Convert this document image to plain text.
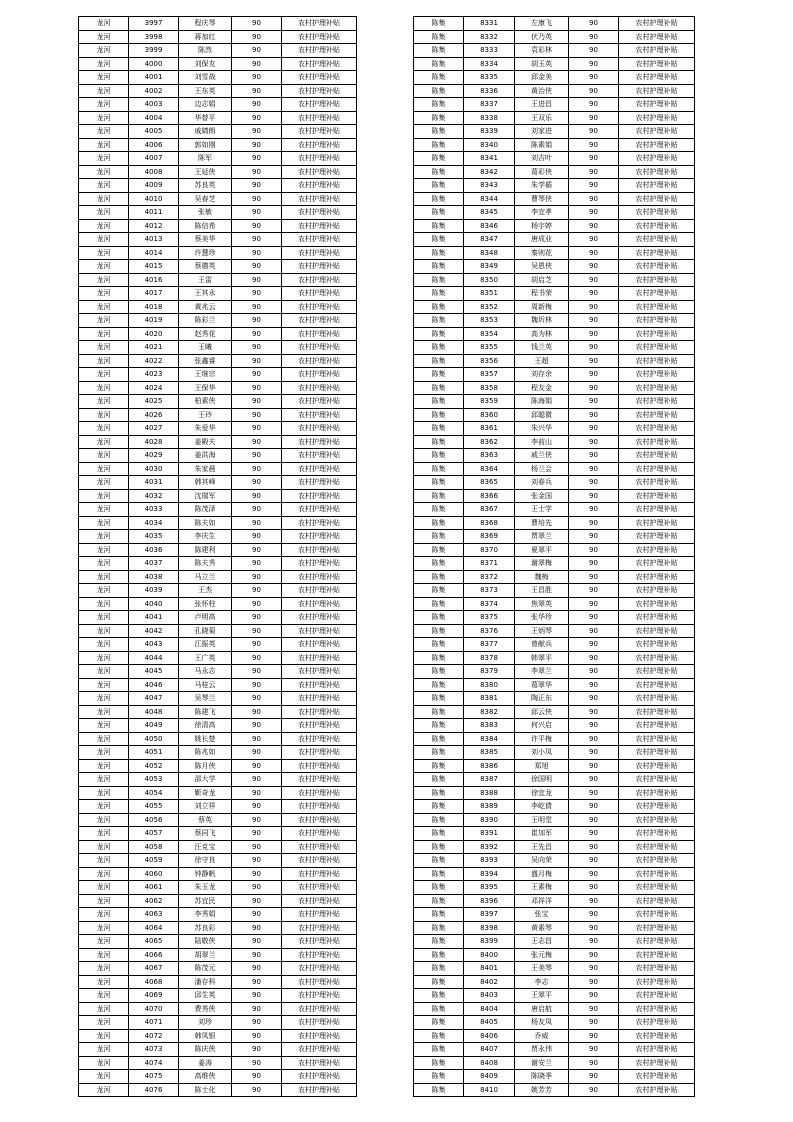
龙河	3997	程庆琴	90	农村护理补贴
龙河	3998	蒋加红	90	农村护理补贴
龙河	3999	陈然	90	农村护理补贴
龙河	4000	刘保友	90	农村护理补贴
龙河	4001	刘雪战	90	农村护理补贴
龙河	4002	王东英	90	农村护理补贴
龙河	4003	边志娟	90	农村护理补贴
龙河	4004	华替平	90	农村护理补贴
龙河	4005	戚婧朗	90	农村护理补贴
龙河	4006	郭如刚	90	农村护理补贴
龙河	4007	陈军	90	农村护理补贴
龙河	4008	王延侠	90	农村护理补贴
龙河	4009	苏良英	90	农村护理补贴
龙河	4010	吴春芝	90	农村护理补贴
龙河	4011	张敏	90	农村护理补贴
龙河	4012	陈信希	90	农村护理补贴
龙河	4013	蔡美华	90	农村护理补贴
龙河	4014	许慧珍	90	农村护理补贴
龙河	4015	蔡德英	90	农村护理补贴
龙河	4016	王雷	90	农村护理补贴
龙河	4017	王其永	90	农村护理补贴
龙河	4018	黄兆云	90	农村护理补贴
龙河	4019	陈彩兰	90	农村护理补贴
龙河	4020	赵秀花	90	农村护理补贴
龙河	4021	王曦	90	农村护理补贴
龙河	4022	张鑫睿	90	农村护理补贴
龙河	4023	王继宗	90	农村护理补贴
龙河	4024	王保华	90	农村护理补贴
龙河	4025	柏素侠	90	农村护理补贴
龙河	4026	王玲	90	农村护理补贴
龙河	4027	朱爱华	90	农村护理补贴
龙河	4028	姜殿夫	90	农村护理补贴
龙河	4029	姜洪海	90	农村护理补贴
龙河	4030	朱家晨	90	农村护理补贴
龙河	4031	韩其峰	90	农村护理补贴
龙河	4032	沈瑞军	90	农村护理补贴
龙河	4033	陈茂泽	90	农村护理补贴
龙河	4034	陈夫如	90	农村护理补贴
龙河	4035	李庆生	90	农村护理补贴
龙河	4036	陈建利	90	农村护理补贴
龙河	4037	陈夫秀	90	农村护理补贴
龙河	4038	马立兰	90	农村护理补贴
龙河	4039	王杰	90	农村护理补贴
龙河	4040	张怀柱	90	农村护理补贴
龙河	4041	卢明高	90	农村护理补贴
龙河	4042	孔晓菊	90	农村护理补贴
龙河	4043	江振英	90	农村护理补贴
龙河	4044	王广英	90	农村护理补贴
龙河	4045	马永志	90	农村护理补贴
龙河	4046	马桂云	90	农村护理补贴
龙河	4047	吴琴兰	90	农村护理补贴
龙河	4048	陈建飞	90	农村护理补贴
龙河	4049	徐清高	90	农村护理补贴
龙河	4050	姚长楚	90	农村护理补贴
龙河	4051	陈兆如	90	农村护理补贴
龙河	4052	陈月侠	90	农村护理补贴
龙河	4053	邵大学	90	农村护理补贴
龙河	4054	靳奇龙	90	农村护理补贴
龙河	4055	刘立祥	90	农村护理补贴
龙河	4056	蔡英	90	农村护理补贴
龙河	4057	蔡同飞	90	农村护理补贴
龙河	4058	汪克宝	90	农村护理补贴
龙河	4059	徐守良	90	农村护理补贴
龙河	4060	钟静帆	90	农村护理补贴
龙河	4061	朱玉龙	90	农村护理补贴
龙河	4062	苏宜民	90	农村护理补贴
龙河	4063	李秀娟	90	农村护理补贴
龙河	4064	苏良彩	90	农村护理补贴
龙河	4065	陆敬侠	90	农村护理补贴
龙河	4066	胡翠兰	90	农村护理补贴
龙河	4067	陈茂元	90	农村护理补贴
龙河	4068	潘存科	90	农村护理补贴
龙河	4069	邱生英	90	农村护理补贴
龙河	4070	费秀侠	90	农村护理补贴
龙河	4071	刘珍	90	农村护理补贴
龙河	4072	韩凤银	90	农村护理补贴
龙河	4073	陈庆侠	90	农村护理补贴
龙河	4074	姜涛	90	农村护理补贴
龙河	4075	高维侠	90	农村护理补贴
龙河	4076	陈士化	90	农村护理补贴
陈集	8331	左康飞	90	农村护理补贴
陈集	8332	伏乃英	90	农村护理补贴
陈集	8333	袁彩林	90	农村护理补贴
陈集	8334	胡玉英	90	农村护理补贴
陈集	8335	邱金美	90	农村护理补贴
陈集	8336	黄治侠	90	农村护理补贴
陈集	8337	王进昌	90	农村护理补贴
陈集	8338	王双乐	90	农村护理补贴
陈集	8339	刘家进	90	农村护理补贴
陈集	8340	陈素娟	90	农村护理补贴
陈集	8341	刘吉叶	90	农村护理补贴
陈集	8342	葛彩侠	90	农村护理补贴
陈集	8343	朱学循	90	农村护理补贴
陈集	8344	曹琴侠	90	农村护理补贴
陈集	8345	李宜孝	90	农村护理补贴
陈集	8346	杨宇婷	90	农村护理补贴
陈集	8347	唐成业	90	农村护理补贴
陈集	8348	秦则花	90	农村护理补贴
陈集	8349	吴恩侠	90	农村护理补贴
陈集	8350	胡启芝	90	农村护理补贴
陈集	8351	程书荣	90	农村护理补贴
陈集	8352	周新梅	90	农村护理补贴
陈集	8353	魏圻林	90	农村护理补贴
陈集	8354	高为林	90	农村护理补贴
陈集	8355	钱兰英	90	农村护理补贴
陈集	8356	王超	90	农村护理补贴
陈集	8357	刘存余	90	农村护理补贴
陈集	8358	程友金	90	农村护理补贴
陈集	8359	陈海娟	90	农村护理补贴
陈集	8360	邱聪微	90	农村护理补贴
陈集	8361	朱兴华	90	农村护理补贴
陈集	8362	李前山	90	农村护理补贴
陈集	8363	戚兰侠	90	农村护理补贴
陈集	8364	杨兰会	90	农村护理补贴
陈集	8365	刘春兵	90	农村护理补贴
陈集	8366	张金国	90	农村护理补贴
陈集	8367	王士学	90	农村护理补贴
陈集	8368	曹培先	90	农村护理补贴
陈集	8369	贾翠兰	90	农村护理补贴
陈集	8370	夏翠平	90	农村护理补贴
陈集	8371	谢翠梅	90	农村护理补贴
陈集	8372	魏梅	90	农村护理补贴
陈集	8373	王昌胜	90	农村护理补贴
陈集	8374	焦翠英	90	农村护理补贴
陈集	8375	张华珍	90	农村护理补贴
陈集	8376	王炳琴	90	农村护理补贴
陈集	8377	曾献兵	90	农村护理补贴
陈集	8378	韩翠平	90	农村护理补贴
陈集	8379	李翠兰	90	农村护理补贴
陈集	8380	葛翠华	90	农村护理补贴
陈集	8381	陶正东	90	农村护理补贴
陈集	8382	邱云侠	90	农村护理补贴
陈集	8383	何兴启	90	农村护理补贴
陈集	8384	许平梅	90	农村护理补贴
陈集	8385	刘小凤	90	农村护理补贴
陈集	8386	郑旭	90	农村护理补贴
陈集	8387	徐国明	90	农村护理补贴
陈集	8388	徐宜龙	90	农村护理补贴
陈集	8389	李屹倩	90	农村护理补贴
陈集	8390	王明堂	90	农村护理补贴
陈集	8391	崔加军	90	农村护理补贴
陈集	8392	王先昌	90	农村护理补贴
陈集	8393	吴向荣	90	农村护理补贴
陈集	8394	盛月梅	90	农村护理补贴
陈集	8395	王素梅	90	农村护理补贴
陈集	8396	邓祥洋	90	农村护理补贴
陈集	8397	张宝	90	农村护理补贴
陈集	8398	黄素琴	90	农村护理补贴
陈集	8399	王志昌	90	农村护理补贴
陈集	8400	张元梅	90	农村护理补贴
陈集	8401	王美琴	90	农村护理补贴
陈集	8402	李志	90	农村护理补贴
陈集	8403	王翠平	90	农村护理补贴
陈集	8404	唐启航	90	农村护理补贴
陈集	8405	杨友凤	90	农村护理补贴
陈集	8406	乔威	90	农村护理补贴
陈集	8407	贾永伟	90	农村护理补贴
陈集	8408	谢安兰	90	农村护理补贴
陈集	8409	陈晓季	90	农村护理补贴
陈集	8410	姚芳芳	90	农村护理补贴
